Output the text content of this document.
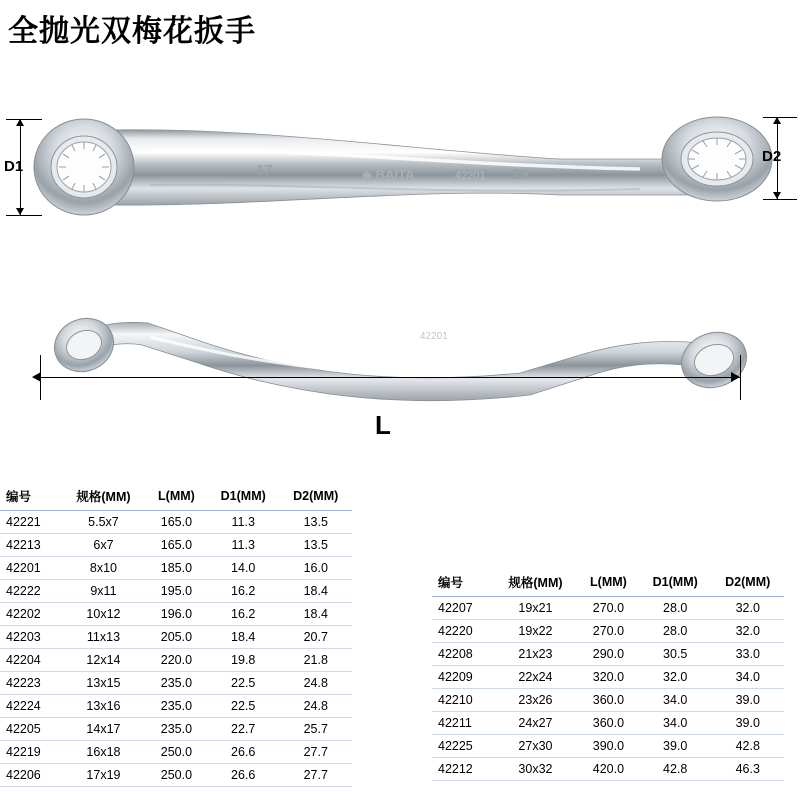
全抛光双梅花扳手
17	◆ BAITA	42201 19
42201
D1
D2
L
编号	规格(MM)	L(MM)	D1(MM)	D2(MM)
42221	5.5x7	165.0	11.3	13.5
42213	6x7	165.0	11.3	13.5
42201	8x10	185.0	14.0	16.0
42222	9x11	195.0	16.2	18.4
42202	10x12	196.0	16.2	18.4
42203	11x13	205.0	18.4	20.7
42204	12x14	220.0	19.8	21.8
42223	13x15	235.0	22.5	24.8
42224	13x16	235.0	22.5	24.8
42205	14x17	235.0	22.7	25.7
42219	16x18	250.0	26.6	27.7
42206	17x19	250.0	26.6	27.7
编号	规格(MM)	L(MM)	D1(MM)	D2(MM)
42207	19x21	270.0	28.0	32.0
42220	19x22	270.0	28.0	32.0
42208	21x23	290.0	30.5	33.0
42209	22x24	320.0	32.0	34.0
42210	23x26	360.0	34.0	39.0
42211	24x27	360.0	34.0	39.0
42225	27x30	390.0	39.0	42.8
42212	30x32	420.0	42.8	46.3
